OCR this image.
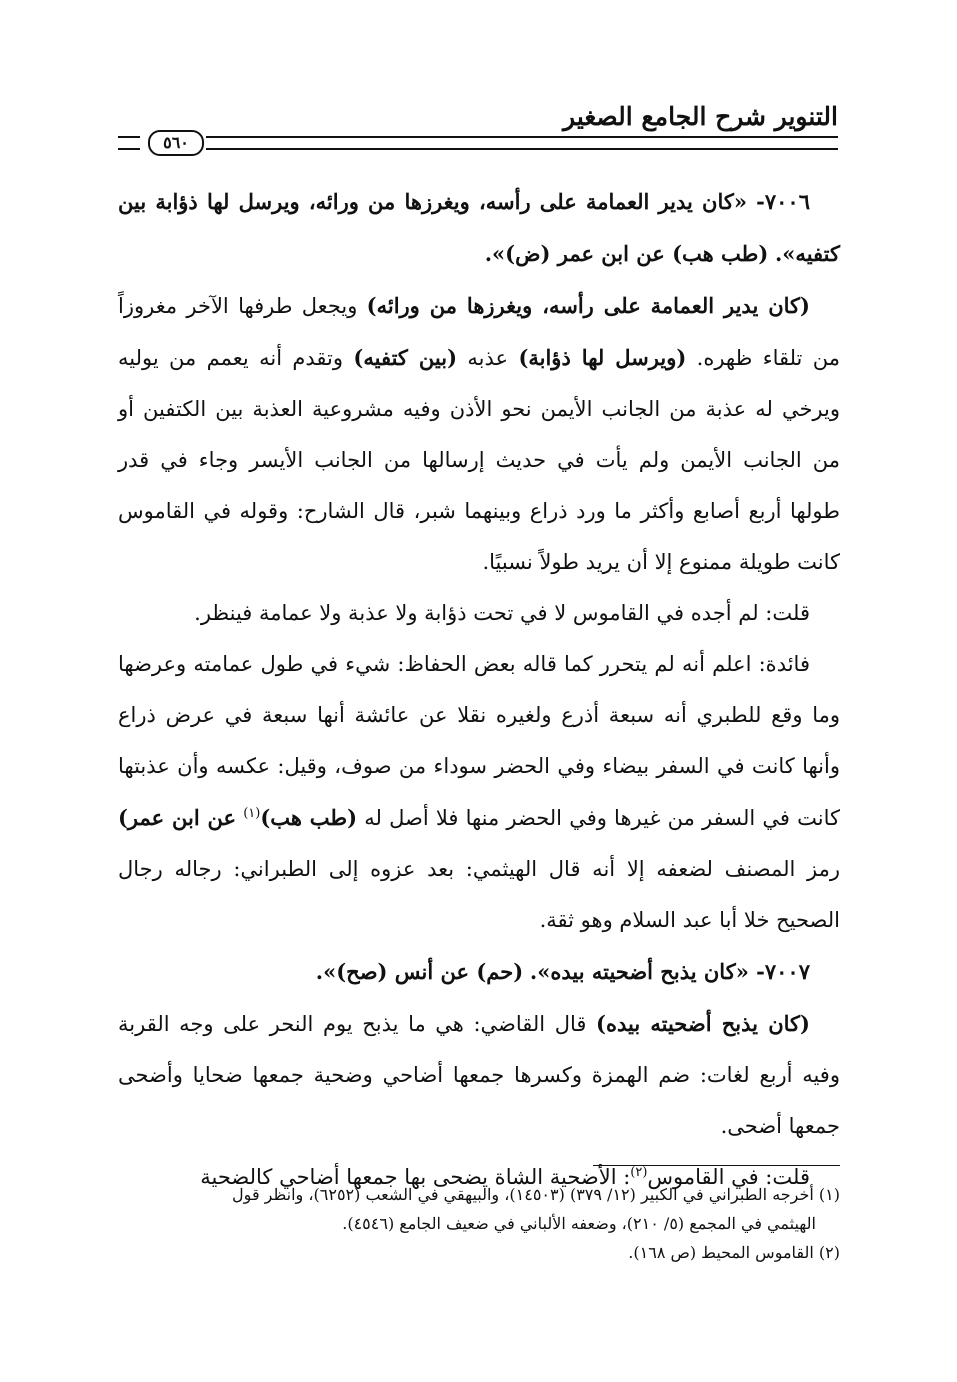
التنوير شرح الجامع الصغير
٥٦٠

٧٠٠٦- «كان يدير العمامة على رأسه، ويغرزها من ورائه، ويرسل لها ذؤابة بين كتفيه». (طب هب) عن ابن عمر (ض)».

(كان يدير العمامة على رأسه، ويغرزها من ورائه) ويجعل طرفها الآخر مغروزاً من تلقاء ظهره. (ويرسل لها ذؤابة) عذبه (بين كتفيه) وتقدم أنه يعمم من يوليه ويرخي له عذبة من الجانب الأيمن نحو الأذن وفيه مشروعية العذبة بين الكتفين أو من الجانب الأيمن ولم يأت في حديث إرسالها من الجانب الأيسر وجاء في قدر طولها أربع أصابع وأكثر ما ورد ذراع وبينهما شبر، قال الشارح: وقوله في القاموس كانت طويلة ممنوع إلا أن يريد طولاً نسبيًا.

قلت: لم أجده في القاموس لا في تحت ذؤابة ولا عذبة ولا عمامة فينظر.

فائدة: اعلم أنه لم يتحرر كما قاله بعض الحفاظ: شيء في طول عمامته وعرضها وما وقع للطبري أنه سبعة أذرع ولغيره نقلا عن عائشة أنها سبعة في عرض ذراع وأنها كانت في السفر بيضاء وفي الحضر سوداء من صوف، وقيل: عكسه وأن عذبتها كانت في السفر من غيرها وفي الحضر منها فلا أصل له (طب هب)$^{(١)}$ عن ابن عمر) رمز المصنف لضعفه إلا أنه قال الهيثمي: بعد عزوه إلى الطبراني: رجاله رجال الصحيح خلا أبا عبد السلام وهو ثقة.

٧٠٠٧- «كان يذبح أضحيته بيده». (حم) عن أنس (صح)».

(كان يذبح أضحيته بيده) قال القاضي: هي ما يذبح يوم النحر على وجه القربة وفيه أربع لغات: ضم الهمزة وكسرها جمعها أضاحي وضحية جمعها ضحايا وأضحى جمعها أضحى.

قلت: في القاموس$^{(٢)}$: الأضحية الشاة يضحى بها جمعها أضاحي كالضحية

(١) أخرجه الطبراني في الكبير (١٢/ ٣٧٩) (١٤٥٠٣)، والبيهقي في الشعب (٦٢٥٢)، وانظر قول

الهيثمي في المجمع (٥/ ٢١٠)، وضعفه الألباني في ضعيف الجامع (٤٥٤٦).

(٢) القاموس المحيط (ص ١٦٨).
